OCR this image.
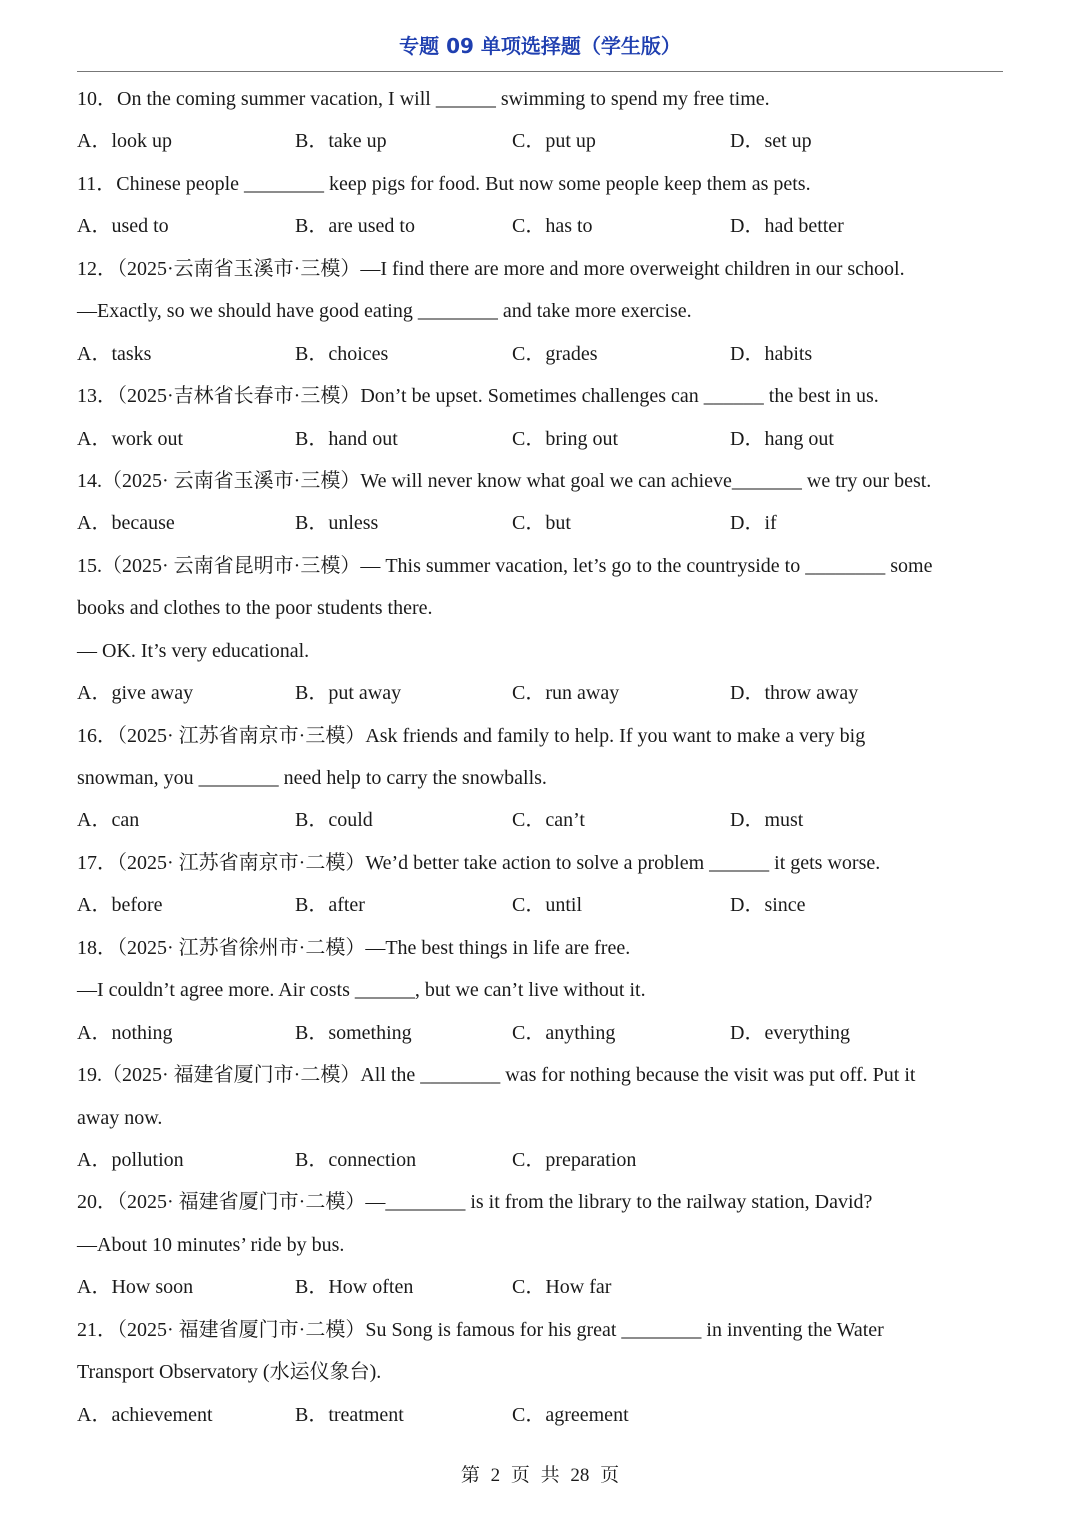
专题 09 单项选择题（学生版）
10．On the coming summer vacation, I will ______ swimming to spend my free time.
A．look up	B．take up	C．put up	D．set up
11．Chinese people ________ keep pigs for food. But now some people keep them as pets.
A．used to	B．are used to	C．has to	D．had better
12．（2025·云南省玉溪市·三模）—I find there are more and more overweight children in our school.
—Exactly, so we should have good eating ________ and take more exercise.
A．tasks	B．choices	C．grades	D．habits
13．（2025·吉林省长春市·三模）Don’t be upset. Sometimes challenges can ______ the best in us.
A．work out	B．hand out	C．bring out	D．hang out
14.（2025· 云南省玉溪市·三模）We will never know what goal we can achieve_______ we try our best.
A．because	B．unless	C．but	D．if
15.（2025· 云南省昆明市·三模）— This summer vacation, let’s go to the countryside to ________ some
books and clothes to the poor students there.
— OK. It’s very educational.
A．give away	B．put away	C．run away	D．throw away
16．（2025· 江苏省南京市·三模）Ask friends and family to help. If you want to make a very big
snowman, you ________ need help to carry the snowballs.
A．can	B．could	C．can’t	D．must
17．（2025· 江苏省南京市·二模）We’d better take action to solve a problem ______ it gets worse.
A．before	B．after	C．until	D．since
18．（2025· 江苏省徐州市·二模）—The best things in life are free.
—I couldn’t agree more. Air costs ______, but we can’t live without it.
A．nothing	B．something	C．anything	D．everything
19.（2025· 福建省厦门市·二模）All the ________ was for nothing because the visit was put off. Put it
away now.
A．pollution	B．connection	C．preparation
20．（2025· 福建省厦门市·二模）—________ is it from the library to the railway station, David?
—About 10 minutes’ ride by bus.
A．How soon	B．How often	C．How far
21．（2025· 福建省厦门市·二模）Su Song is famous for his great ________ in inventing the Water
Transport Observatory (水运仪象台).
A．achievement	B．treatment	C．agreement
第 2 页 共 28 页
